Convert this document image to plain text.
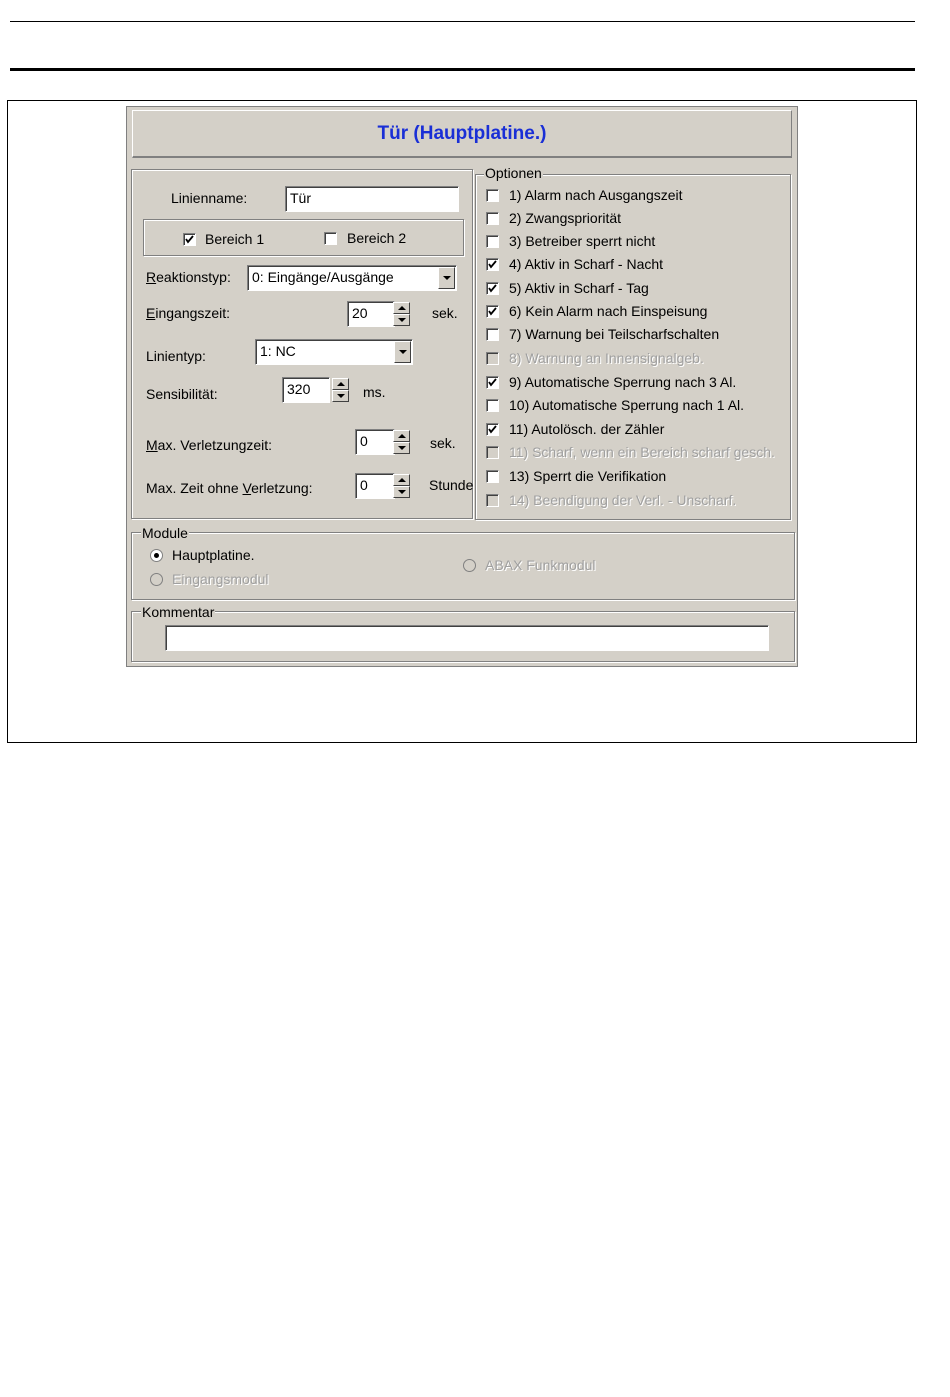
Tür (Hauptplatine.)
Linienname:	Tür
Bereich 1	Bereich 2
Reaktionstyp:	0: Eingänge/Ausgänge
Eingangszeit:	20	sek.
Linientyp:	1: NC
Sensibilität:	320	ms.
Max. Verletzungzeit:	0	sek.
Max. Zeit ohne Verletzung:	0	Stunde
Optionen
Module
Hauptplatine.
Eingangsmodul
ABAX Funkmodul
Kommentar
1) Alarm nach Ausgangszeit
2) Zwangspriorität
3) Betreiber sperrt nicht
4) Aktiv in Scharf - Nacht
5) Aktiv in Scharf - Tag
6) Kein Alarm nach Einspeisung
7) Warnung bei Teilscharfschalten
8) Warnung an Innensignalgeb.
9) Automatische Sperrung nach 3 Al.
10) Automatische Sperrung nach 1 Al.
11) Autolösch. der Zähler
11) Scharf, wenn ein Bereich scharf gesch.
13) Sperrt die Verifikation
14) Beendigung der Verl. - Unscharf.
